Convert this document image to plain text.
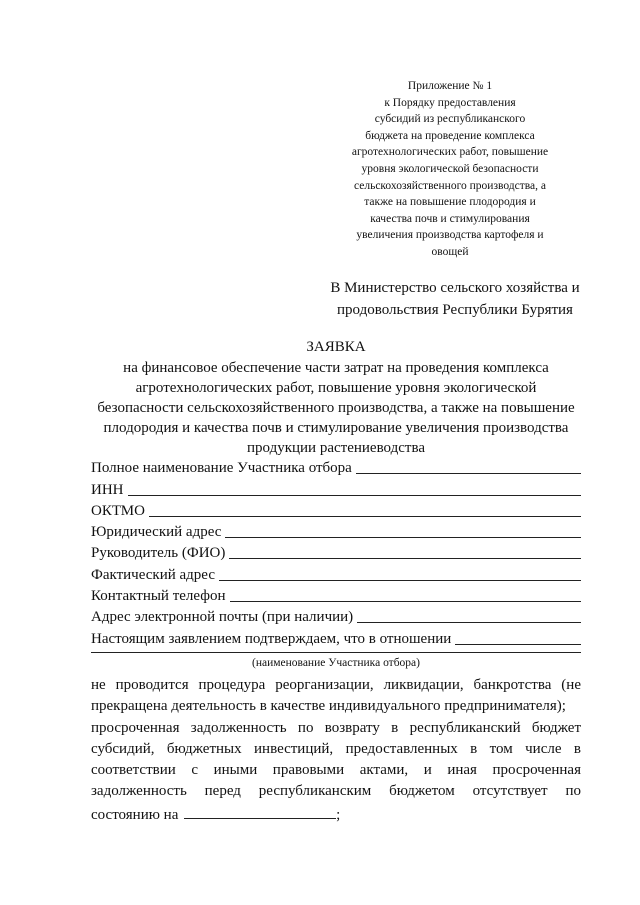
Приложение № 1
к Порядку предоставления
субсидий из республиканского
бюджета на проведение комплекса
агротехнологических работ, повышение
уровня экологической безопасности
сельскохозяйственного производства, а
также на повышение плодородия и
качества почв и стимулирования
увеличения производства картофеля и
овощей
В Министерство сельского хозяйства и
продовольствия Республики Бурятия
ЗАЯВКА
на финансовое обеспечение части затрат на проведения комплекса
агротехнологических работ, повышение уровня экологической
безопасности сельскохозяйственного производства, а также на повышение
плодородия и качества почв и стимулирование увеличения производства
продукции растениеводства
Полное наименование Участника отбора
ИНН
ОКТМО
Юридический адрес
Руководитель (ФИО)
Фактический адрес
Контактный телефон
Адрес электронной почты (при наличии)
Настоящим заявлением подтверждаем, что в отношении
(наименование Участника отбора)
не проводится процедура реорганизации, ликвидации, банкротства (не
прекращена деятельность в качестве индивидуального предпринимателя);
просроченная задолженность по возврату в республиканский бюджет
субсидий, бюджетных инвестиций, предоставленных в том числе в
соответствии с иными правовыми актами, и иная просроченная
задолженность перед республиканским бюджетом отсутствует по
состоянию на	;
